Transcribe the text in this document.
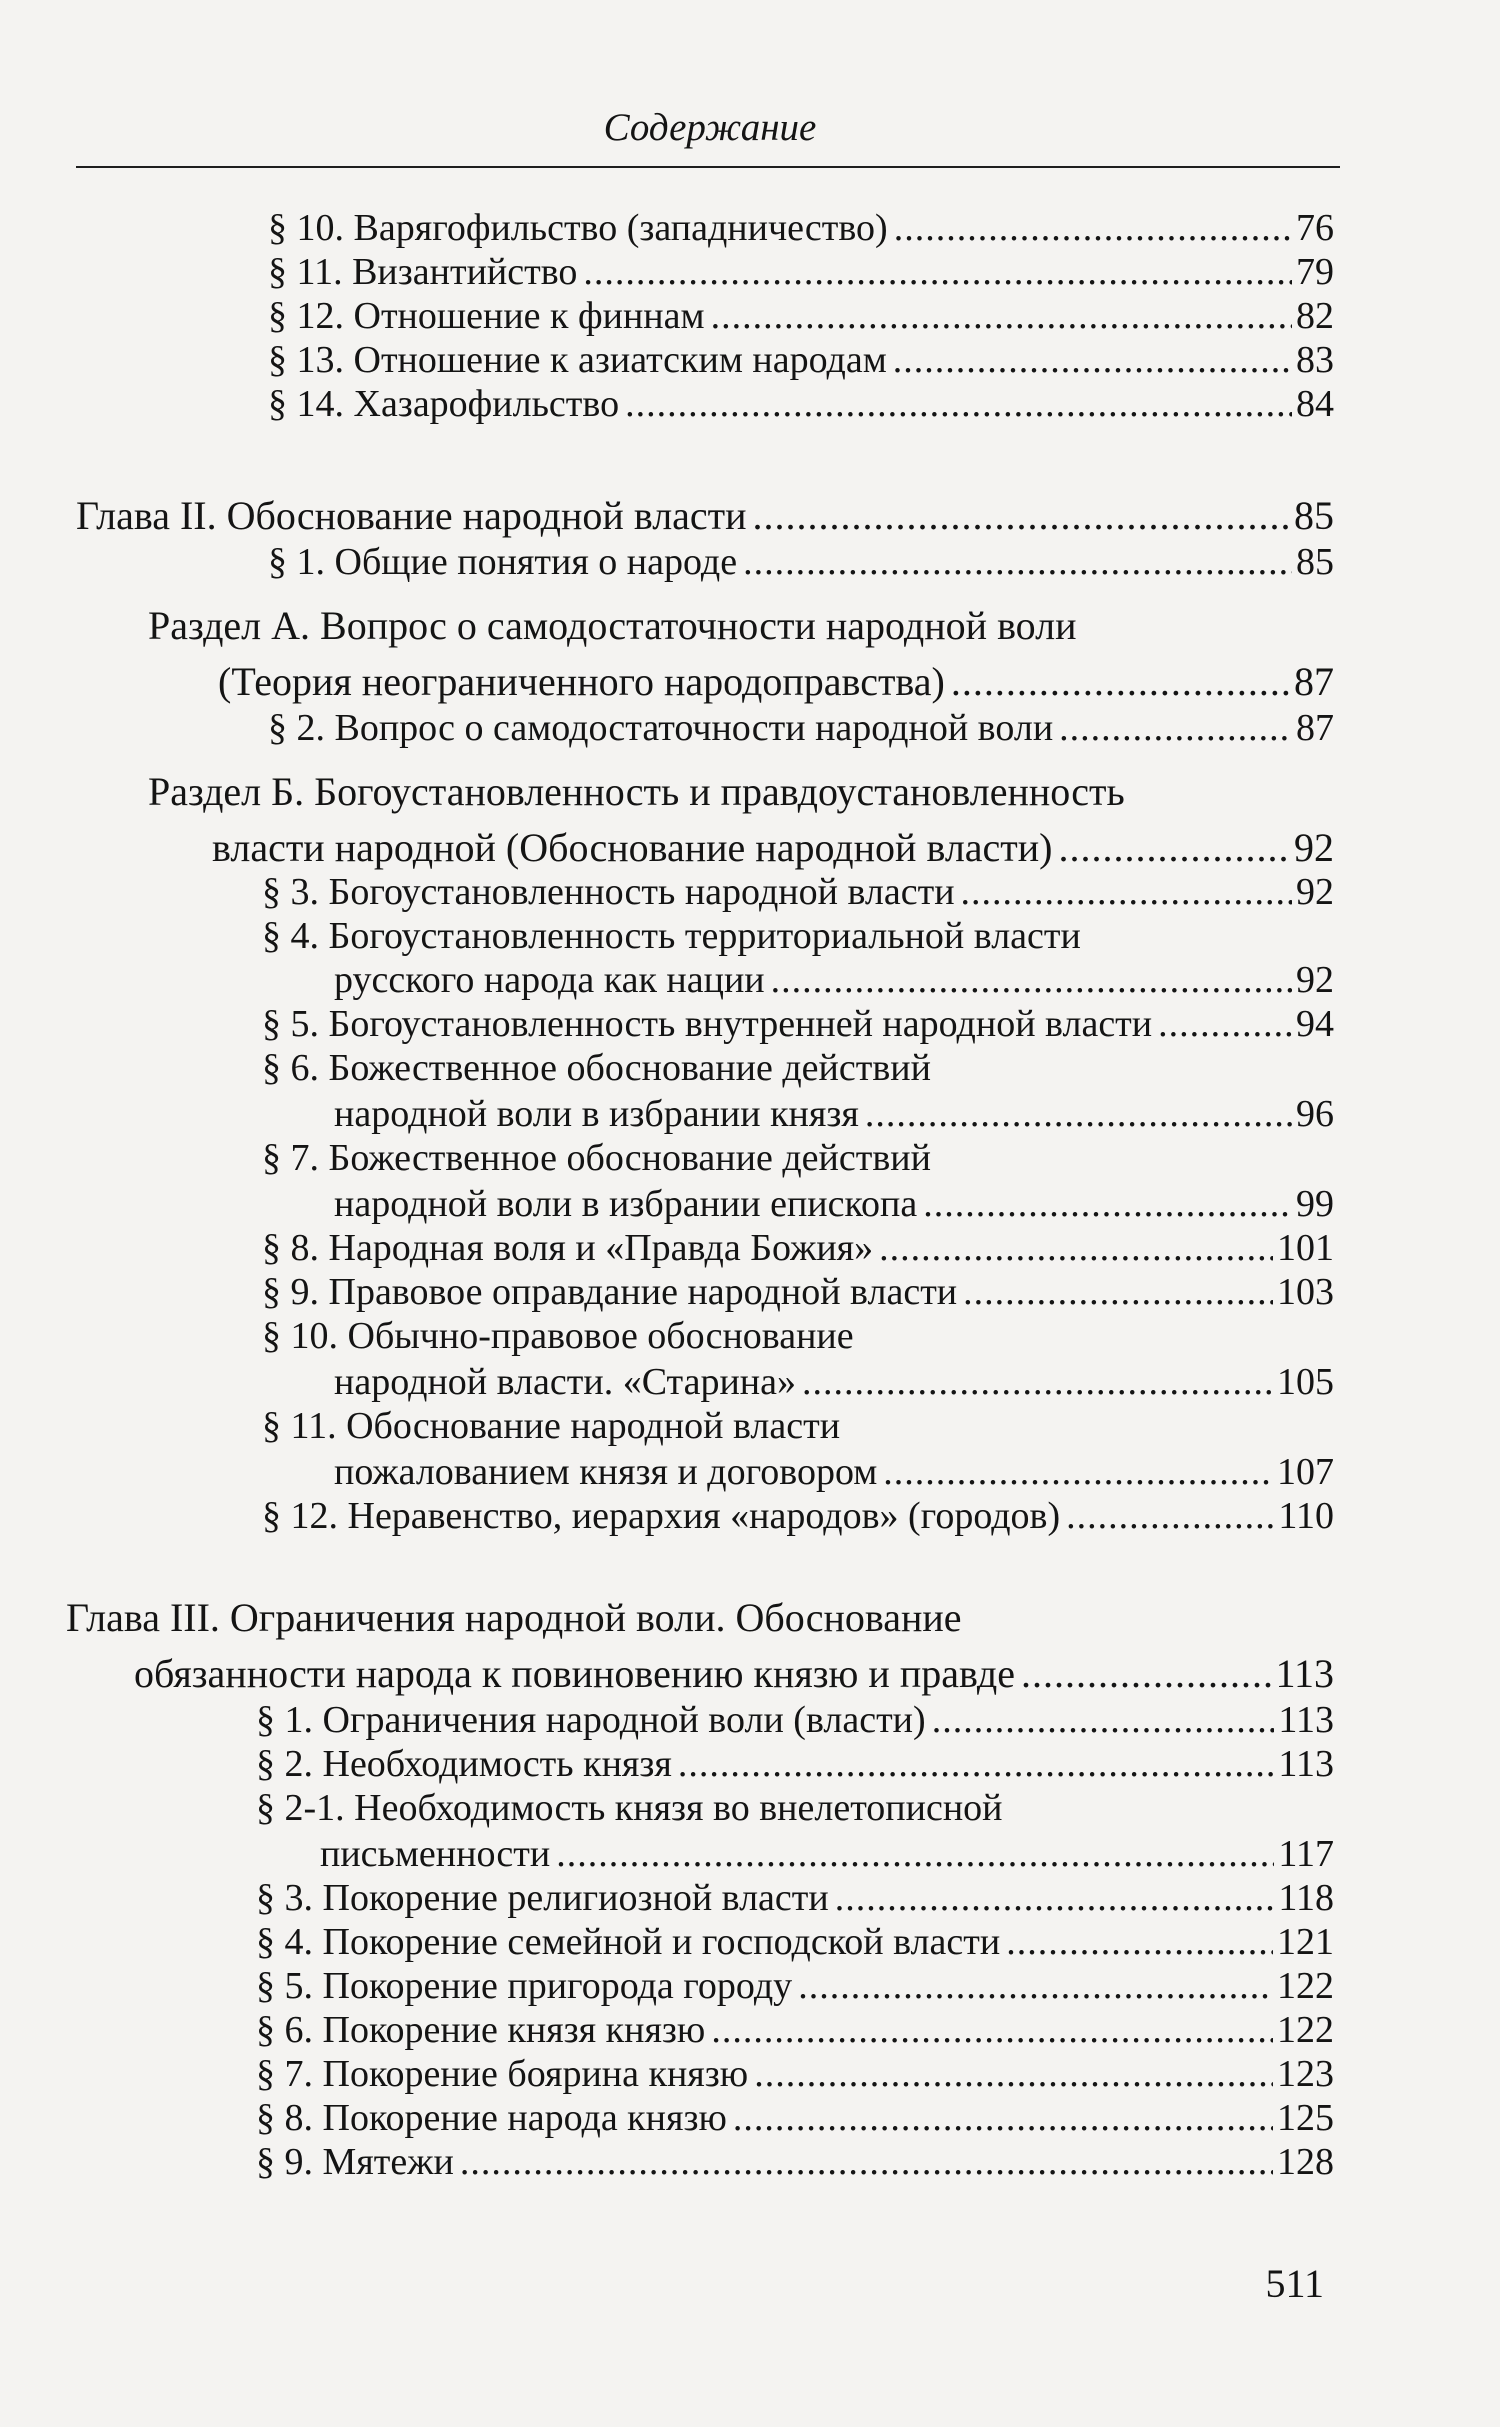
Содержание
§ 10. Варягофильство (западничество) .....	76
§ 11. Византийство .....	79
§ 12. Отношение к финнам .....	82
§ 13. Отношение к азиатским народам .....	83
§ 14. Хазарофильство .....	84
Глава II. Обоснование народной власти .....	85
§ 1. Общие понятия о народе .....	85
Раздел А. Вопрос о самодостаточности народной воли
(Теория неограниченного народоправства) .....	87
§ 2. Вопрос о самодостаточности народной воли .....	87
Раздел Б. Богоустановленность и правдоустановленность
власти народной (Обоснование народной власти) .....	92
§ 3. Богоустановленность народной власти .....	92
§ 4. Богоустановленность территориальной власти
русского народа как нации .....	92
§ 5. Богоустановленность внутренней народной власти .....	94
§ 6. Божественное обоснование действий
народной воли в избрании князя .....	96
§ 7. Божественное обоснование действий
народной воли в избрании епископа .....	99
§ 8. Народная воля и «Правда Божия» .....	101
§ 9. Правовое оправдание народной власти .....	103
§ 10. Обычно-правовое обоснование
народной власти. «Старина» .....	105
§ 11. Обоснование народной власти
пожалованием князя и договором .....	107
§ 12. Неравенство, иерархия «народов» (городов) .....	110
Глава III. Ограничения народной воли. Обоснование
обязанности народа к повиновению князю и правде .....	113
§ 1. Ограничения народной воли (власти) .....	113
§ 2. Необходимость князя .....	113
§ 2-1. Необходимость князя во внелетописной
письменности .....	117
§ 3. Покорение религиозной власти .....	118
§ 4. Покорение семейной и господской власти .....	121
§ 5. Покорение пригорода городу .....	122
§ 6. Покорение князя князю .....	122
§ 7. Покорение боярина князю .....	123
§ 8. Покорение народа князю .....	125
§ 9. Мятежи .....	128
511
